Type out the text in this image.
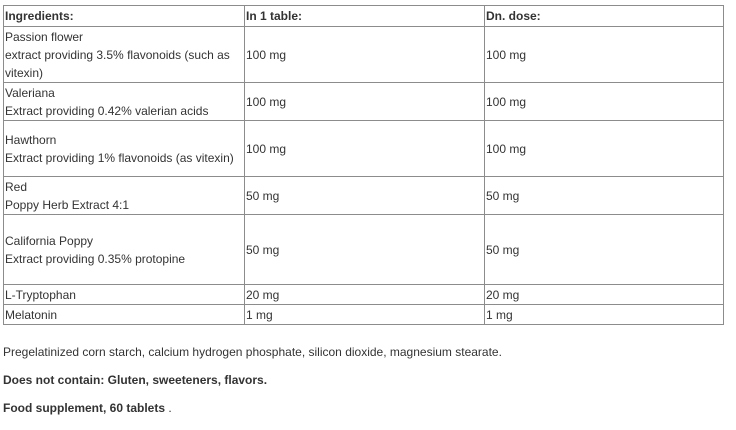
Ingredients:	In 1 table:	Dn. dose:

Passion flower
extract providing 3.5% flavonoids (such as vitexin)	100 mg	100 mg

Valeriana
Extract providing 0.42% valerian acids	100 mg	100 mg

Hawthorn
Extract providing 1% flavonoids (as vitexin)	100 mg	100 mg

Red
Poppy Herb Extract 4:1	50 mg	50 mg

California Poppy
Extract providing 0.35% protopine	50 mg	50 mg
L-Tryptophan	20 mg	20 mg
Melatonin	1 mg	1 mg

Pregelatinized corn starch, calcium hydrogen phosphate, silicon dioxide, magnesium stearate.

Does not contain: Gluten, sweeteners, flavors.

Food supplement, 60 tablets .
